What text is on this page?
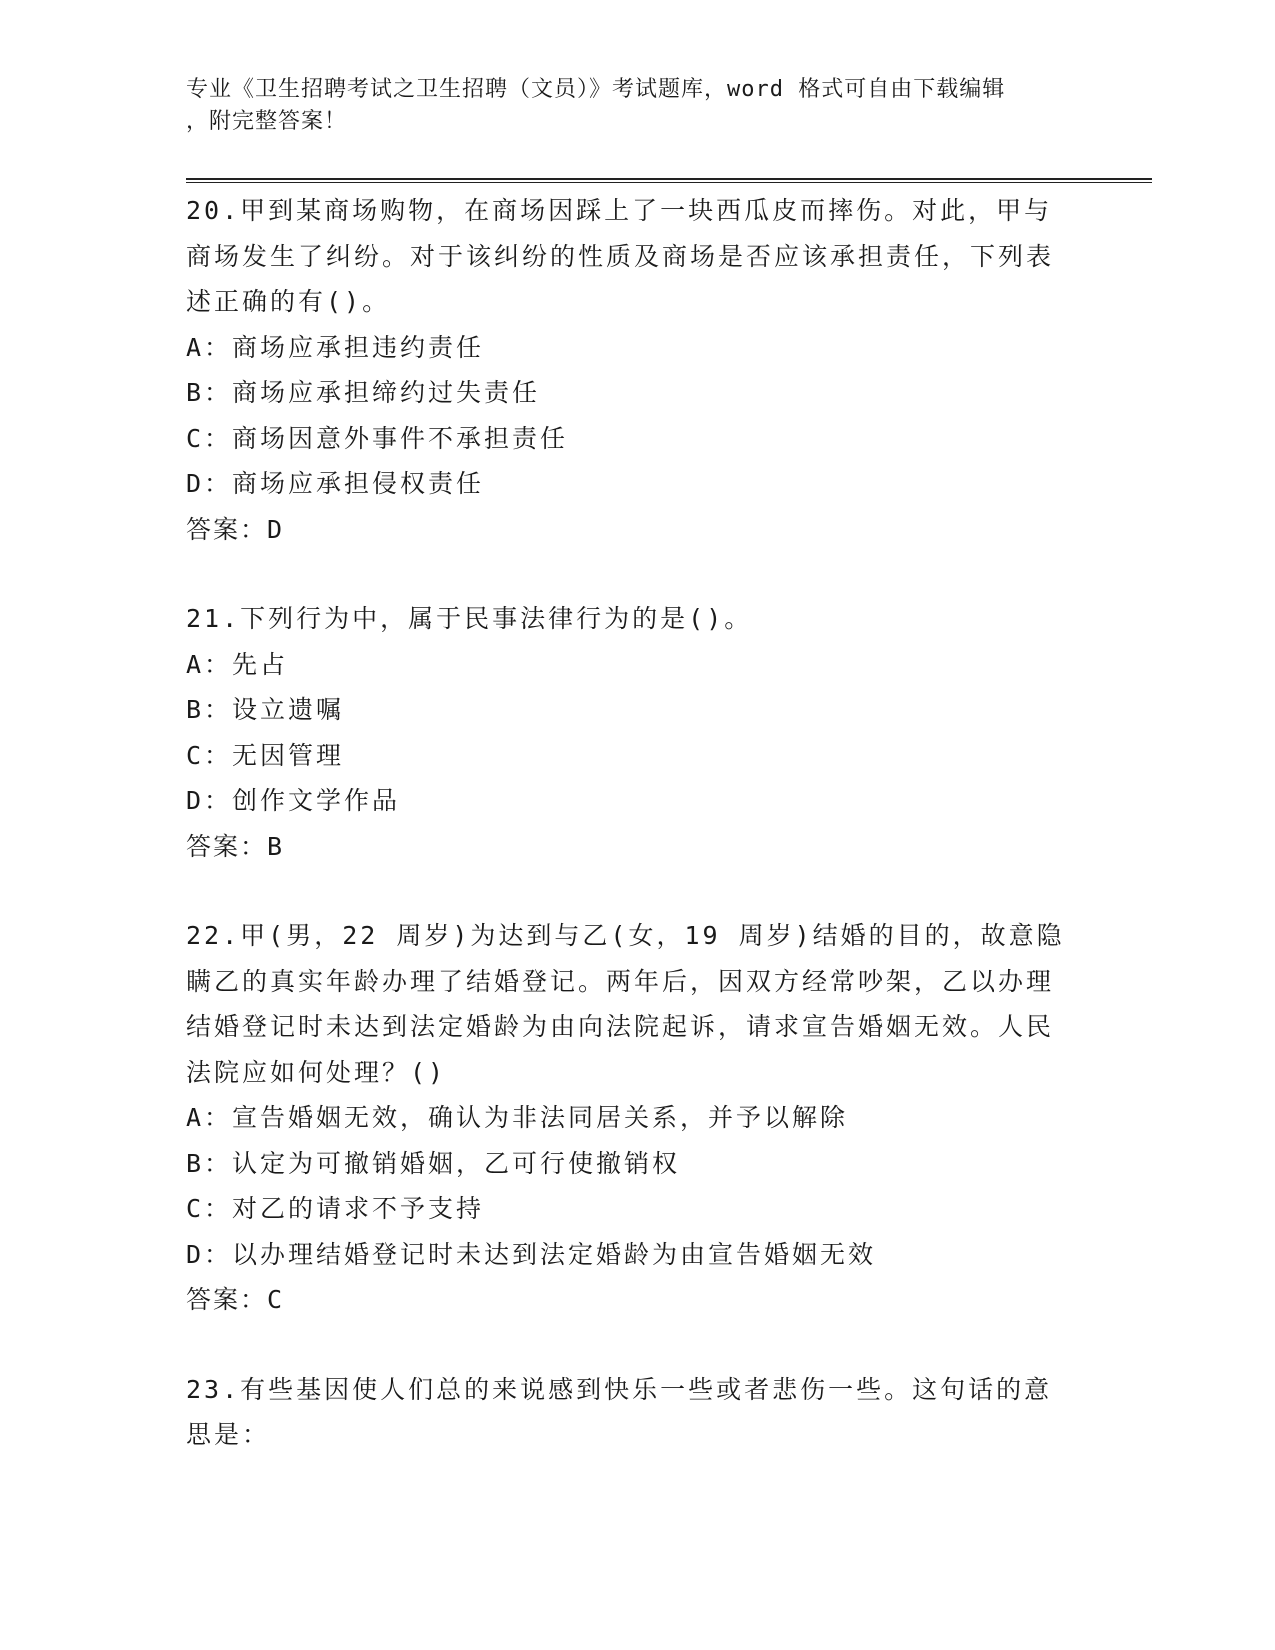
专业《卫生招聘考试之卫生招聘（文员）》考试题库，word 格式可自由下载编辑
，附完整答案！

20.甲到某商场购物，在商场因踩上了一块西瓜皮而摔伤。对此，甲与商场发生了纠纷。对于该纠纷的性质及商场是否应该承担责任，下列表述正确的有()。

A：商场应承担违约责任

B：商场应承担缔约过失责任

C：商场因意外事件不承担责任

D：商场应承担侵权责任

答案：D

21.下列行为中，属于民事法律行为的是()。

A：先占

B：设立遗嘱

C：无因管理

D：创作文学作品

答案：B

22.甲(男，22 周岁)为达到与乙(女，19 周岁)结婚的目的，故意隐瞒乙的真实年龄办理了结婚登记。两年后，因双方经常吵架，乙以办理结婚登记时未达到法定婚龄为由向法院起诉，请求宣告婚姻无效。人民法院应如何处理？()

A：宣告婚姻无效，确认为非法同居关系，并予以解除

B：认定为可撤销婚姻，乙可行使撤销权

C：对乙的请求不予支持

D：以办理结婚登记时未达到法定婚龄为由宣告婚姻无效

答案：C

23.有些基因使人们总的来说感到快乐一些或者悲伤一些。这句话的意思是：
